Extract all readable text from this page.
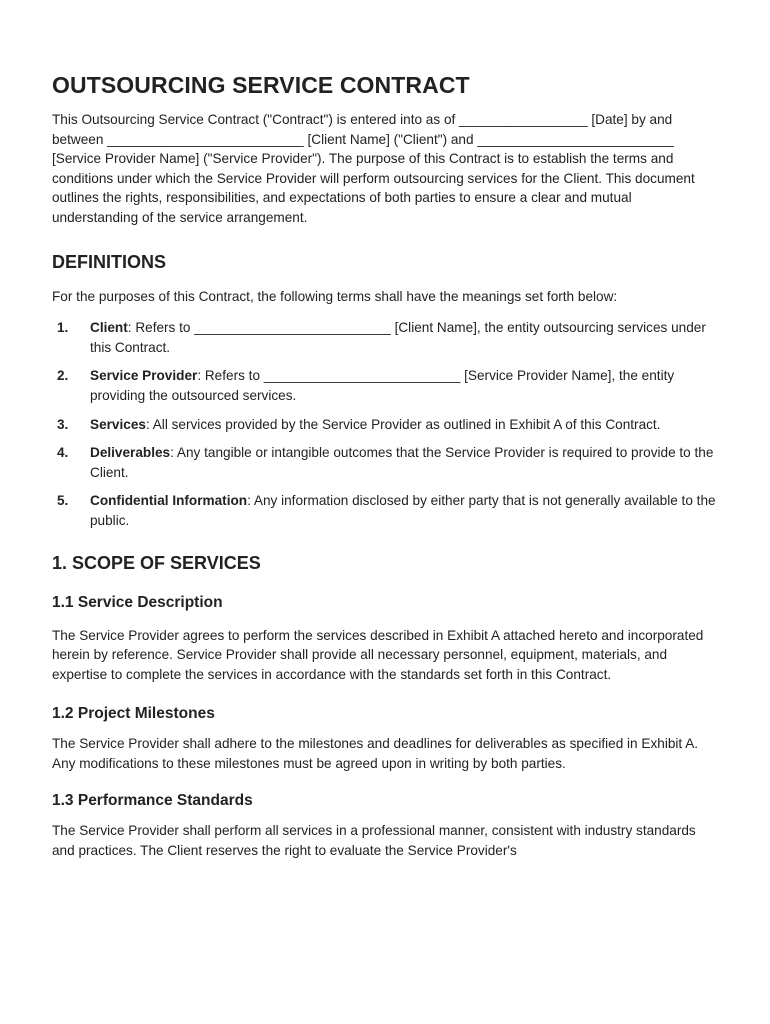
OUTSOURCING SERVICE CONTRACT

This Outsourcing Service Contract ("Contract") is entered into as of _________________ [Date] by and between __________________________ [Client Name] ("Client") and __________________________ [Service Provider Name] ("Service Provider"). The purpose of this Contract is to establish the terms and conditions under which the Service Provider will perform outsourcing services for the Client. This document outlines the rights, responsibilities, and expectations of both parties to ensure a clear and mutual understanding of the service arrangement.

DEFINITIONS

For the purposes of this Contract, the following terms shall have the meanings set forth below:

1. Client: Refers to __________________________ [Client Name], the entity outsourcing services under this Contract.
2. Service Provider: Refers to __________________________ [Service Provider Name], the entity providing the outsourced services.
3. Services: All services provided by the Service Provider as outlined in Exhibit A of this Contract.
4. Deliverables: Any tangible or intangible outcomes that the Service Provider is required to provide to the Client.
5. Confidential Information: Any information disclosed by either party that is not generally available to the public.
1. SCOPE OF SERVICES
1.1 Service Description

The Service Provider agrees to perform the services described in Exhibit A attached hereto and incorporated herein by reference. Service Provider shall provide all necessary personnel, equipment, materials, and expertise to complete the services in accordance with the standards set forth in this Contract.

1.2 Project Milestones

The Service Provider shall adhere to the milestones and deadlines for deliverables as specified in Exhibit A. Any modifications to these milestones must be agreed upon in writing by both parties.

1.3 Performance Standards

The Service Provider shall perform all services in a professional manner, consistent with industry standards and practices. The Client reserves the right to evaluate the Service Provider's
